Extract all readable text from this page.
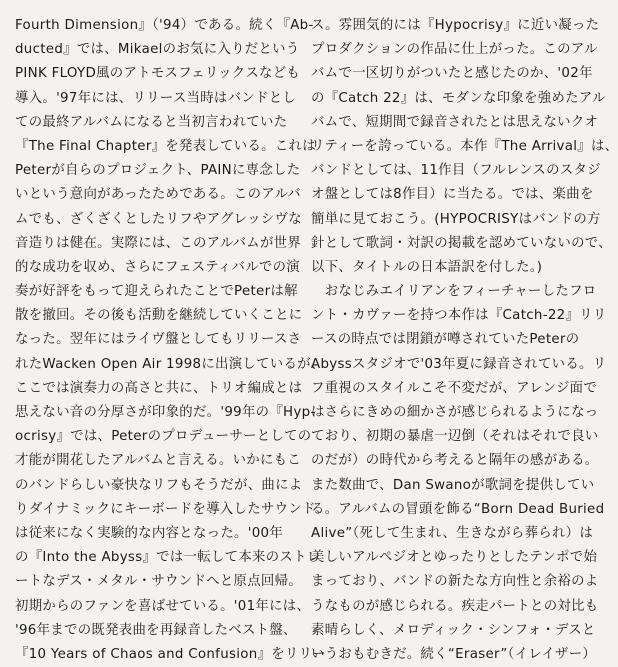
Fourth Dimension』（'94）である。続く『Ab-
ducted』では、Mikaelのお気に入りだという
PINK FLOYD風のアトモスフェリックスなども
導入。'97年には、リリース当時はバンドとし
ての最終アルバムになると当初言われていた
『The Final Chapter』を発表している。これは
Peterが自らのプロジェクト、PAINに専念した
いという意向があったためである。このアルバ
ムでも、ざくざくとしたリフやアグレッシヴな
音造りは健在。実際には、このアルバムが世界
的な成功を収め、さらにフェスティバルでの演
奏が好評をもって迎えられたことでPeterは解
散を撤回。その後も活動を継続していくことに
なった。翌年にはライヴ盤としてもリリースさ
れたWacken Open Air 1998に出演しているが、
ここでは演奏力の高さと共に、トリオ編成とは
思えない音の分厚さが印象的だ。'99年の『Hyp-
ocrisy』では、Peterのプロデューサーとしての
才能が開花したアルバムと言える。いかにもこ
のバンドらしい豪快なリフもそうだが、曲によ
りダイナミックにキーボードを導入したサウンド
は従来になく実験的な内容となった。'00年
の『Into the Abyss』では一転して本来のストレ
ートなデス・メタル・サウンドへと原点回帰。
初期からのファンを喜ばせている。'01年には、
'96年までの既発表曲を再録音したベスト盤、
『10 Years of Chaos and Confusion』をリリー
ス。雰囲気的には『Hypocrisy』に近い凝った
プロダクションの作品に仕上がった。このアル
バムで一区切りがついたと感じたのか、'02年
の『Catch 22』は、モダンな印象を強めたアル
バムで、短期間で録音されたとは思えないクオ
リティーを誇っている。本作『The Arrival』は、
バンドとしては、11作目（フルレンスのスタジ
オ盤としては8作目）に当たる。では、楽曲を
簡単に見ておこう。(HYPOCRISYはバンドの方
針として歌詞・対訳の掲載を認めていないので、
以下、タイトルの日本語訳を付した。)
　おなじみエイリアンをフィーチャーしたフロ
ント・カヴァーを持つ本作は『Catch-22』リリ
ースの時点では閉鎖が噂されていたPeterの
Abyssスタジオで'03年夏に録音されている。リ
フ重視のスタイルこそ不変だが、アレンジ面で
はさらにきめの細かさが感じられるようになっ
ており、初期の暴虐一辺倒（それはそれで良い
のだが）の時代から考えると隔年の感がある。
また数曲で、Dan Swanoが歌詞を提供してい
る。アルバムの冒頭を飾る“Born Dead Buried
Alive”（死して生まれ、生きながら葬られ）は
美しいアルペジオとゆったりとしたテンポで始
まっており、バンドの新たな方向性と余裕のよ
うなものが感じられる。疾走パートとの対比も
素晴らしく、メロディック・シンフォ・デスと
いうおもむきだ。続く“Eraser”（イレイザー）
